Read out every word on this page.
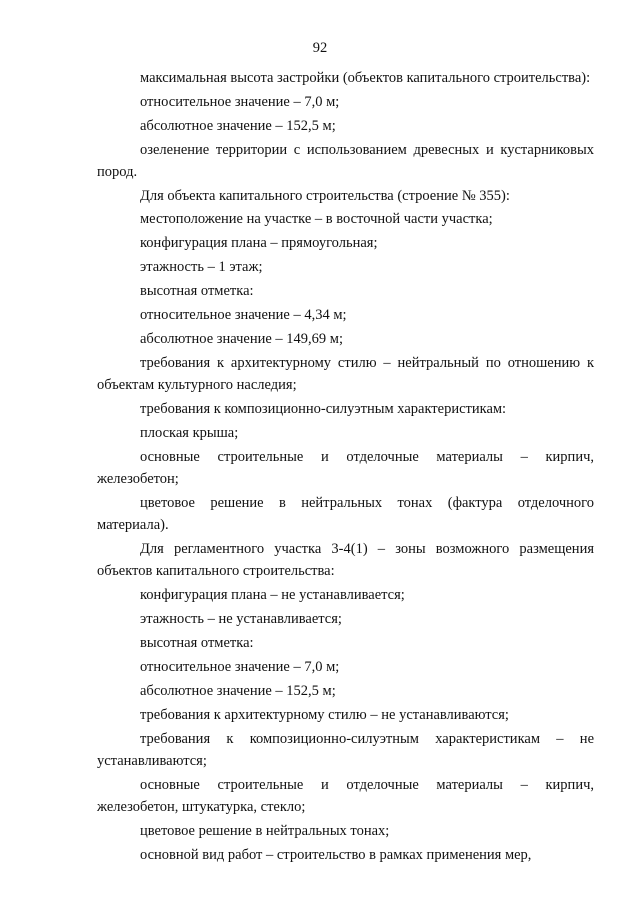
92

максимальная высота застройки (объектов капитального строительства):

относительное значение – 7,0 м;

абсолютное значение – 152,5 м;

озеленение территории с использованием древесных и кустарниковых пород.

Для объекта капитального строительства (строение № 355):

местоположение на участке – в восточной части участка;

конфигурация плана – прямоугольная;

этажность – 1 этаж;

высотная отметка:

относительное значение – 4,34 м;

абсолютное значение – 149,69 м;

требования к архитектурному стилю – нейтральный по отношению к объектам культурного наследия;

требования к композиционно-силуэтным характеристикам:

плоская крыша;

основные строительные и отделочные материалы – кирпич, железобетон;

цветовое решение в нейтральных тонах (фактура отделочного материала).

Для регламентного участка 3-4(1) – зоны возможного размещения объектов капитального строительства:

конфигурация плана – не устанавливается;

этажность – не устанавливается;

высотная отметка:

относительное значение – 7,0 м;

абсолютное значение – 152,5 м;

требования к архитектурному стилю – не устанавливаются;

требования к композиционно-силуэтным характеристикам – не устанавливаются;

основные строительные и отделочные материалы – кирпич, железобетон, штукатурка, стекло;

цветовое решение в нейтральных тонах;

основной вид работ – строительство в рамках применения мер,
